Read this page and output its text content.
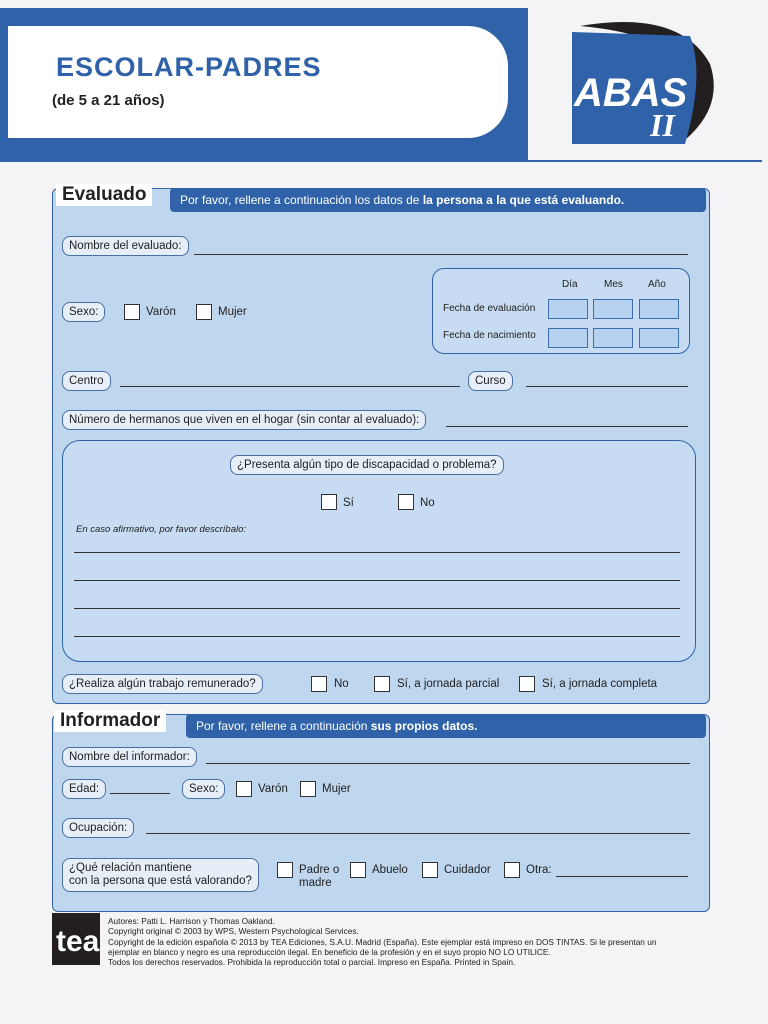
ESCOLAR-PADRES
(de 5 a 21 años)	ABAS
II
Evaluado	Por favor, rellene a continuación los datos de la persona a la que está evaluando.
Nombre del evaluado:
Sexo:	Varón	Mujer
Día	Mes	Año
Fecha de evaluación
Fecha de nacimiento
Centro	Curso
Número de hermanos que viven en el hogar (sin contar al evaluado):
¿Presenta algún tipo de discapacidad o problema?
Sí	No
En caso afirmativo, por favor descríbalo:
¿Realiza algún trabajo remunerado?	No	Sí, a jornada parcial	Sí, a jornada completa
Informador	Por favor, rellene a continuación sus propios datos.
Nombre del informador:
Edad:	Sexo:	Varón	Mujer
Ocupación:
¿Qué relación mantiene
con la persona que está valorando?
Padre o
madre
Abuelo	Cuidador	Otra:
tea
Autores: Patti L. Harrison y Thomas Oakland.
Copyright original © 2003 by WPS, Western Psychological Services.
Copyright de la edición española © 2013 by TEA Ediciones, S.A.U. Madrid (España). Este ejemplar está impreso en DOS TINTAS. Si le presentan un
ejemplar en blanco y negro es una reproducción ilegal. En beneficio de la profesión y en el suyo propio NO LO UTILICE.
Todos los derechos reservados. Prohibida la reproducción total o parcial. Impreso en España. Printed in Spain.
